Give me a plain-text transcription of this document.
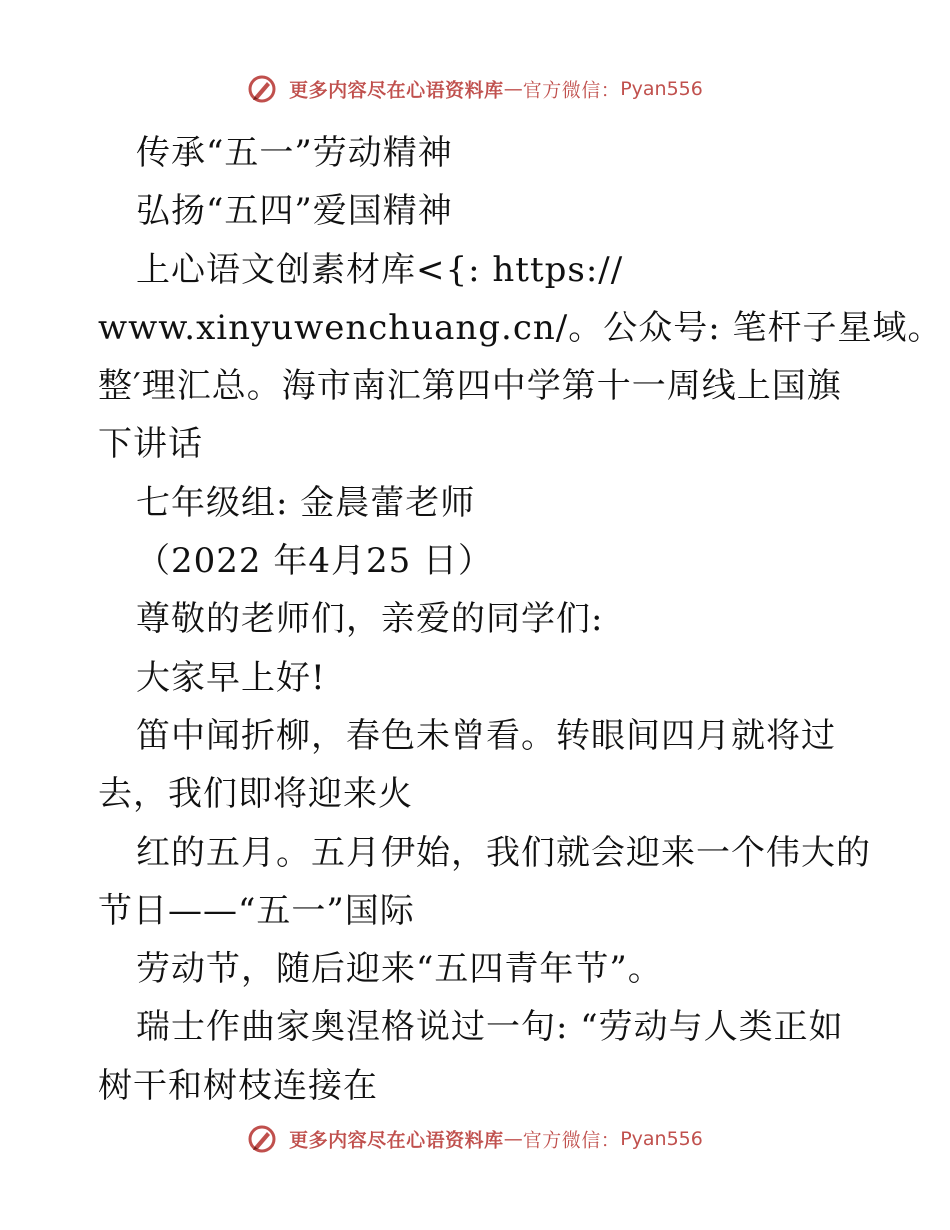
更多内容尽在心语资料库—官方微信：Pyan556
传承“五一”劳动精神
弘扬“五四”爱国精神
上心语文创素材库<{: https://
www.xinyuwenchuang.cn/。公众号: 笔杆子星域。
整′理汇总。海市南汇第四中学第十一周线上国旗
下讲话
七年级组: 金晨蕾老师
（2022 年4月25 日）
尊敬的老师们，亲爱的同学们:
大家早上好!
笛中闻折柳，春色未曾看。转眼间四月就将过
去，我们即将迎来火
红的五月。五月伊始，我们就会迎来一个伟大的
节日——“五一”国际
劳动节，随后迎来“五四青年节”。
瑞士作曲家奥涅格说过一句: “劳动与人类正如
树干和树枝连接在
更多内容尽在心语资料库—官方微信：Pyan556
